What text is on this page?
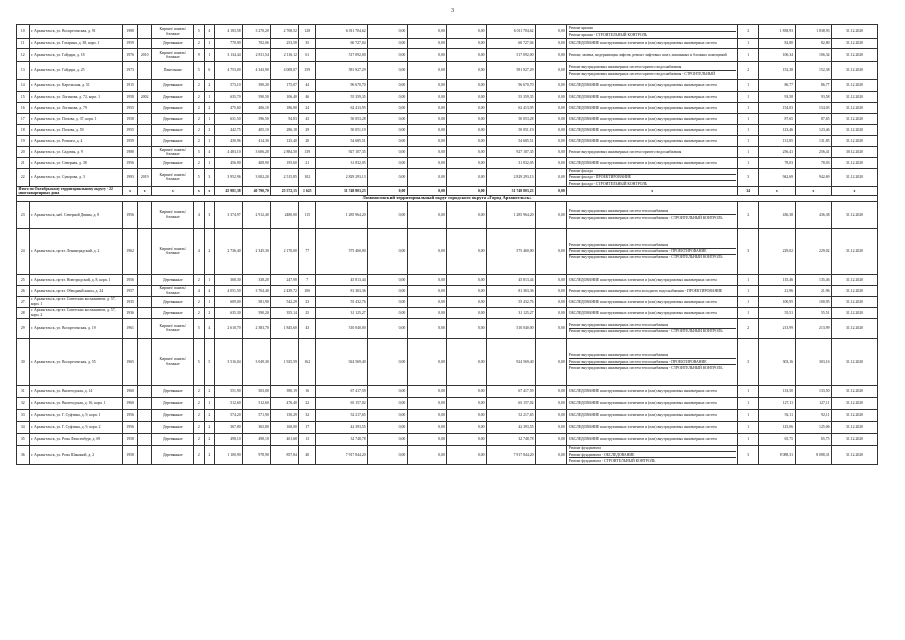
3
10	г. Архангельск, ул. Воскресенская, д. 91	1988		Кирпич/ панель/блочные	5	4	4 183,58	3 270,20	2 768,52	128	6 011 704,62	0,00	0,00	0,00	6 011 704,62	0,00	Ремонт крыши
Ремонт крыши - СТРОИТЕЛЬНЫЙ КОНТРОЛЬ	2	1 838,93	1 838,93	31.12.2020
11	г. Архангельск, ул. Гагарина, д. 38, корп. 1	1959		Деревянные	2	1	770,90	702,06	253,58	35	60 727,04	0,00	0,00	0,00	60 727,04	0,00	ОБСЛЕДОВАНИЕ конструктивных элементов и (или) внутридомовых инженерных систем	1	82,80	82,80	31.12.2020
12	г. Архангельск, ул. Гайдара, д. 18	1976	2010	Кирпич/ панель/блочные	9	1	3 134,44	2 811,54	2 116,12	61	517 092,00	0,00	0,00	0,00	517 092,00	0,00	Ремонт, замена, модернизация лифтов, ремонт лифтовых шахт, машинных и блочных помещений	1	106,34	106,34	31.12.2020
13	г. Архангельск, ул. Гайдара, д. 25	1973		Панельные	5	6	4 753,00	4 343,90	4 008,07	159	581 927,29	0,00	0,00	0,00	581 927,29	0,00	Ремонт внутридомовых инженерных систем горячего водоснабжения
Ремонт внутридомовых инженерных систем горячего водоснабжения - СТРОИТЕЛЬНЫЙ	2	152,38	152,38	31.12.2020
14	г. Архангельск, ул. Карельская, д. 51	1915		Деревянные	2	2	573,10	390,20	175,07	44	96 670,70	0,00	0,00	0,00	96 670,70	0,00	ОБСЛЕДОВАНИЕ конструктивных элементов и (или) внутридомовых инженерных систем	1	86,77	86,77	31.12.2020
15	г. Архангельск, ул. Логинова, д. 72, корп. 1	1958	2002	Деревянные	2	1	635,70	590,50	106,40	46	55 359,35	0,00	0,00	0,00	55 359,35	0,00	ОБСЛЕДОВАНИЕ конструктивных элементов и (или) внутридомовых инженерных систем	1	93,58	93,58	31.12.2020
16	г. Архангельск, ул. Логинова, д. 79	1955		Деревянные	2	2	475,60	406,10	186,80	24	62 413,95	0,00	0,00	0,00	62 413,95	0,00	ОБСЛЕДОВАНИЕ конструктивных элементов и (или) внутридомовых инженерных систем	1	154,03	154,03	31.12.2020
17	г. Архангельск, ул. Попова, д. 37, корп. 1	1958		Деревянные	2	1	631,50	596,50	94,83	43	50 053,28	0,00	0,00	0,00	50 053,28	0,00	ОБСЛЕДОВАНИЕ конструктивных элементов и (или) внутридомовых инженерных систем	1	87,65	87,65	31.12.2020
18	г. Архангельск, ул. Попова, д. 59	1955		Деревянные	2	2	442,75	405,10	286,18	29	50 051,19	0,00	0,00	0,00	50 051,19	0,00	ОБСЛЕДОВАНИЕ конструктивных элементов и (или) внутридомовых инженерных систем	1	123,46	123,46	31.12.2020
19	г. Архангельск, ул. Розинга, д. 4	1959		Деревянные	2	1	430,96	414,30	125,40	20	54 685,51	0,00	0,00	0,00	54 685,51	0,00	ОБСЛЕДОВАНИЕ конструктивных элементов и (или) внутридомовых инженерных систем	1	131,85	131,85	31.12.2020
20	г. Архангельск, ул. Садовая, д. 9	1988		Кирпич/ панель/блочные	5	4	4 483,10	3 606,20	2 884,50	139	927 107,35	0,00	0,00	0,00	927 107,35	0,00	Ремонт внутридомовых инженерных систем горячего водоснабжения	1	256,41	256,41	30.12.2020
21	г. Архангельск, ул. Северная, д. 38	1956		Деревянные	2	1	456,90	408,90	195,60	21	31 832,05	0,00	0,00	0,00	31 832,05	0,00	ОБСЛЕДОВАНИЕ конструктивных элементов и (или) внутридомовых инженерных систем	1	78,03	78,03	31.12.2020
22	г. Архангельск, ул. Суворова, д. 3	1993	2019	Кирпич/ панель/блочные	5	3	3 952,96	3 002,20	2 515,85	102	2 829 293,13	0,00	0,00	0,00	2 829 293,13	0,00	Ремонт фасада
Ремонт фасада - ПРОЕКТИРОВАНИЕ
Ремонт фасада - СТРОИТЕЛЬНЫЙ КОНТРОЛЬ	3	942,69	942,69	31.12.2020
Итого по Октябрьскому территориальному округу - 22 многоквартирных дома		x	x	x	x	x	45 981,38	40 790,70	25 572,15	1 625	31 748 803,23	0,00	0,00	0,00	31 748 803,23	0,00	x	34	x	x	x
Ломоносовский территориальный округ городского округа «Город Архангельск»																					
23	г. Архангельск, наб. Северной Двины, д. 8	1956		Кирпич/ панель/блочные	4	3	3 374,97	2 912,40	2480,00	115	1 285 964,20	0,00	0,00	0,00	1 285 964,20	0,00	Ремонт внутридомовых инженерных систем теплоснабжения
Ремонт внутридомовых инженерных систем теплоснабжения - СТРОИТЕЛЬНЫЙ КОНТРОЛЬ	2	436,38	436,38	31.12.2020
24	г. Архангельск, пр-кт. Ленинградский, д. 2	1962		Кирпич/ панель/блочные	4	2	2 736,40	2 345,30	2 170,00	77	575 460,00	0,00	0,00	0,00	575 460,00	0,00	Ремонт внутридомовых инженерных систем теплоснабжения
Ремонт внутридомовых инженерных систем теплоснабжения - ПРОЕКТИРОВАНИЕ
Ремонт внутридомовых инженерных систем теплоснабжения - СТРОИТЕЛЬНЫЙ КОНТРОЛЬ	3	229,02	229,02	31.12.2020
25	г. Архангельск, пр-кт. Новгородский, д. 8, корп. 1	1956		Деревянные	2	1	368,30	338,20	247,90	7	45 813,44	0,00	0,00	0,00	45 813,44	0,00	ОБСЛЕДОВАНИЕ конструктивных элементов и (или) внутридомовых инженерных систем	1	135,46	135,46	31.12.2020
26	г. Архангельск, пр-кт. Обводный канал, д. 24	1957		Кирпич/ панель/блочные	4	4	4 051,50	3 704,40	2 439,72	106	81 363,36	0,00	0,00	0,00	81 363,36	0,00	Ремонт внутридомовых инженерных систем холодного водоснабжения - ПРОЕКТИРОВАНИЕ	1	21,96	21,96	31.12.2020
27	г. Архангельск, пр-кт. Советских космонавтов, д. 57, корп. 1	1935		Деревянные	2	1	609,00	581,90	542,29	23	55 432,76	0,00	0,00	0,00	55 432,76	0,00	ОБСЛЕДОВАНИЕ конструктивных элементов и (или) внутридомовых инженерных систем	1	100,95	100,95	31.12.2020
28	г. Архангельск, пр-кт. Советских космонавтов, д. 57, корп. 2	1936		Деревянные	2	2	635,30	590,20	355,14	25	31 125,27	0,00	0,00	0,00	31 125,27	0,00	ОБСЛЕДОВАНИЕ конструктивных элементов и (или) внутридомовых инженерных систем	1	55,51	55,51	31.12.2020
29	г. Архангельск, ул. Воскресенская, д. 19	1961		Кирпич/ панель/блочные	5	4	2 610,70	2 383,70	1 845,60	43	510 040,00	0,00	0,00	0,00	510 040,00	0,00	Ремонт внутридомовых инженерных систем теплоснабжения
Ремонт внутридомовых инженерных систем теплоснабжения - СТРОИТЕЛЬНЫЙ КОНТРОЛЬ	2	213,99	213,99	31.12.2020
30	г. Архангельск, ул. Воскресенская, д. 55	1965		Кирпич/ панель/блочные	5	5	3 516,04	3 049,30	1 925,59	162	924 569,40	0,00	0,00	0,00	924 569,40	0,00	Ремонт внутридомовых инженерных систем теплоснабжения
Ремонт внутридомовых инженерных систем теплоснабжения - ПРОЕКТИРОВАНИЕ
Ремонт внутридомовых инженерных систем теплоснабжения - СТРОИТЕЛЬНЫЙ КОНТРОЛЬ	3	303,16	303,16	31.12.2020
31	г. Архангельск, ул. Вычегодская, д. 14	1960		Деревянные	2	2	551,90	503,00	390,19	16	67 417,59	0,00	0,00	0,00	67 417,59	0,00	ОБСЛЕДОВАНИЕ конструктивных элементов и (или) внутридомовых инженерных систем	1	133,50	133,50	31.12.2020
32	г. Архангельск, ул. Вычегодская, д. 16, корп. 1	1960		Деревянные	2	1	512,60	512,60	476,40	22	65 157,02	0,00	0,00	0,00	65 157,02	0,00	ОБСЛЕДОВАНИЕ конструктивных элементов и (или) внутридомовых инженерных систем	1	127,11	127,11	31.12.2020
33	г. Архангельск, ул. Г. Суфтина, д. 9, корп. 1	1956		Деревянные	2	2	574,20	571,90	150,29	32	52 217,65	0,00	0,00	0,00	52 217,65	0,00	ОБСЛЕДОВАНИЕ конструктивных элементов и (или) внутридомовых инженерных систем	1	92,11	92,11	31.12.2020
34	г. Архангельск, ул. Г. Суфтина, д. 9, корп. 2	1956		Деревянные	2	2	367,80	365,80	160,00	17	42 393,55	0,00	0,00	0,00	42 393,55	0,00	ОБСЛЕДОВАНИЕ конструктивных элементов и (или) внутридомовых инженерных систем	1	125,06	125,06	31.12.2020
35	г. Архангельск, ул. Розы Люксембург, д. 69	1958		Деревянные	2	2	498,10	498,10	401,68	13	32 748,78	0,00	0,00	0,00	32 748,78	0,00	ОБСЛЕДОВАНИЕ конструктивных элементов и (или) внутридомовых инженерных систем	1	65,75	65,75	31.12.2020
36	г. Архангельск, ул. Розы Шаниной, д. 2	1958		Деревянные	2	2	1 100,90	978,90	857,84	40	7 917 844,20	0,00	0,00	0,00	7 917 844,20	0,00	Ремонт фундамента
Ремонт фундамента - ОБСЛЕДОВАНИЕ
Ремонт фундамента - СТРОИТЕЛЬНЫЙ КОНТРОЛЬ	3	8 088,31	8 088,31	31.12.2020
